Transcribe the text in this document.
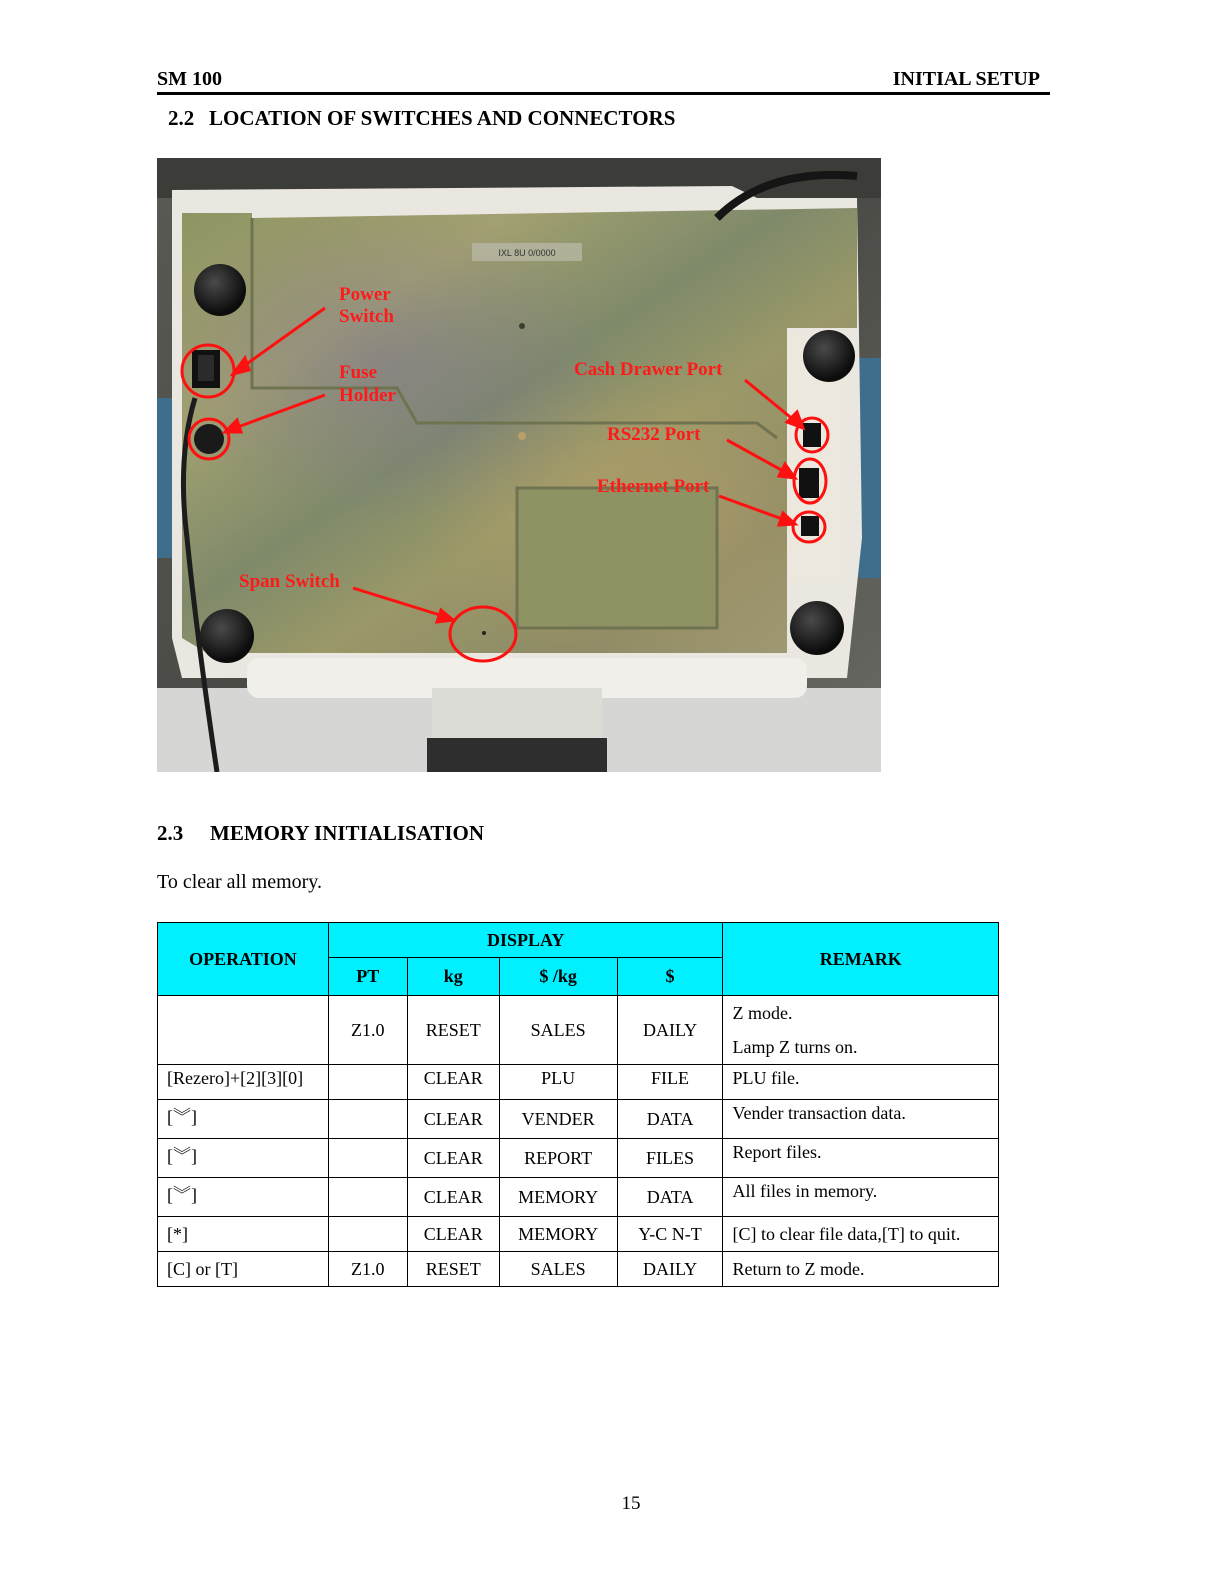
SM 100	INITIAL SETUP
2.2 LOCATION OF SWITCHES AND CONNECTORS
IXL 8U 0/0000
Power
Switch
Fuse
Holder
Cash Drawer Port
RS232 Port
Ethernet Port
Span Switch
2.3 MEMORY INITIALISATION
To clear all memory.
OPERATION	DISPLAY				REMARK
	PT	kg	$ /kg	$	
	Z1.0	RESET	SALES	DAILY	Z mode.
Lamp Z turns on.

[Rezero]+[2][3][0]		CLEAR	PLU	FILE	PLU file.
[︾]		CLEAR	VENDER	DATA	Vender transaction data.
[︾]		CLEAR	REPORT	FILES	Report files.
[︾]		CLEAR	MEMORY	DATA	All files in memory.
[*]		CLEAR	MEMORY	Y-C N-T	[C] to clear file data,[T] to quit.
[C] or [T]	Z1.0	RESET	SALES	DAILY	Return to Z mode.
15
